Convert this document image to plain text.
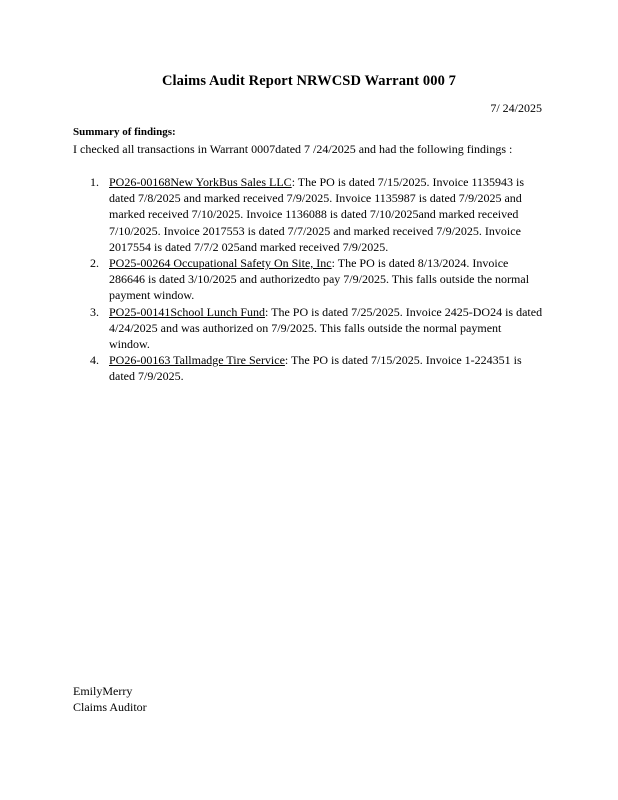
Claims Audit Report NRWCSD Warrant 000 7
7/ 24/2025
Summary of findings:
I checked all transactions in Warrant 0007dated 7 /24/2025 and had the following findings :
1. PO26-00168New YorkBus Sales LLC: The PO is dated 7/15/2025. Invoice 1135943 is dated 7/8/2025 and marked received 7/9/2025. Invoice 1135987 is dated 7/9/2025 and marked received 7/10/2025. Invoice 1136088 is dated 7/10/2025and marked received 7/10/2025. Invoice 2017553 is dated 7/7/2025 and marked received 7/9/2025. Invoice 2017554 is dated 7/7/2 025and marked received 7/9/2025.
2. PO25-00264 Occupational Safety On Site, Inc: The PO is dated 8/13/2024. Invoice 286646 is dated 3/10/2025 and authorizedto pay 7/9/2025. This falls outside the normal payment window.
3. PO25-00141School Lunch Fund: The PO is dated 7/25/2025. Invoice 2425-DO24 is dated 4/24/2025 and was authorized on 7/9/2025. This falls outside the normal payment window.
4. PO26-00163 Tallmadge Tire Service: The PO is dated 7/15/2025. Invoice 1-224351 is dated 7/9/2025.
EmilyMerry
Claims Auditor
